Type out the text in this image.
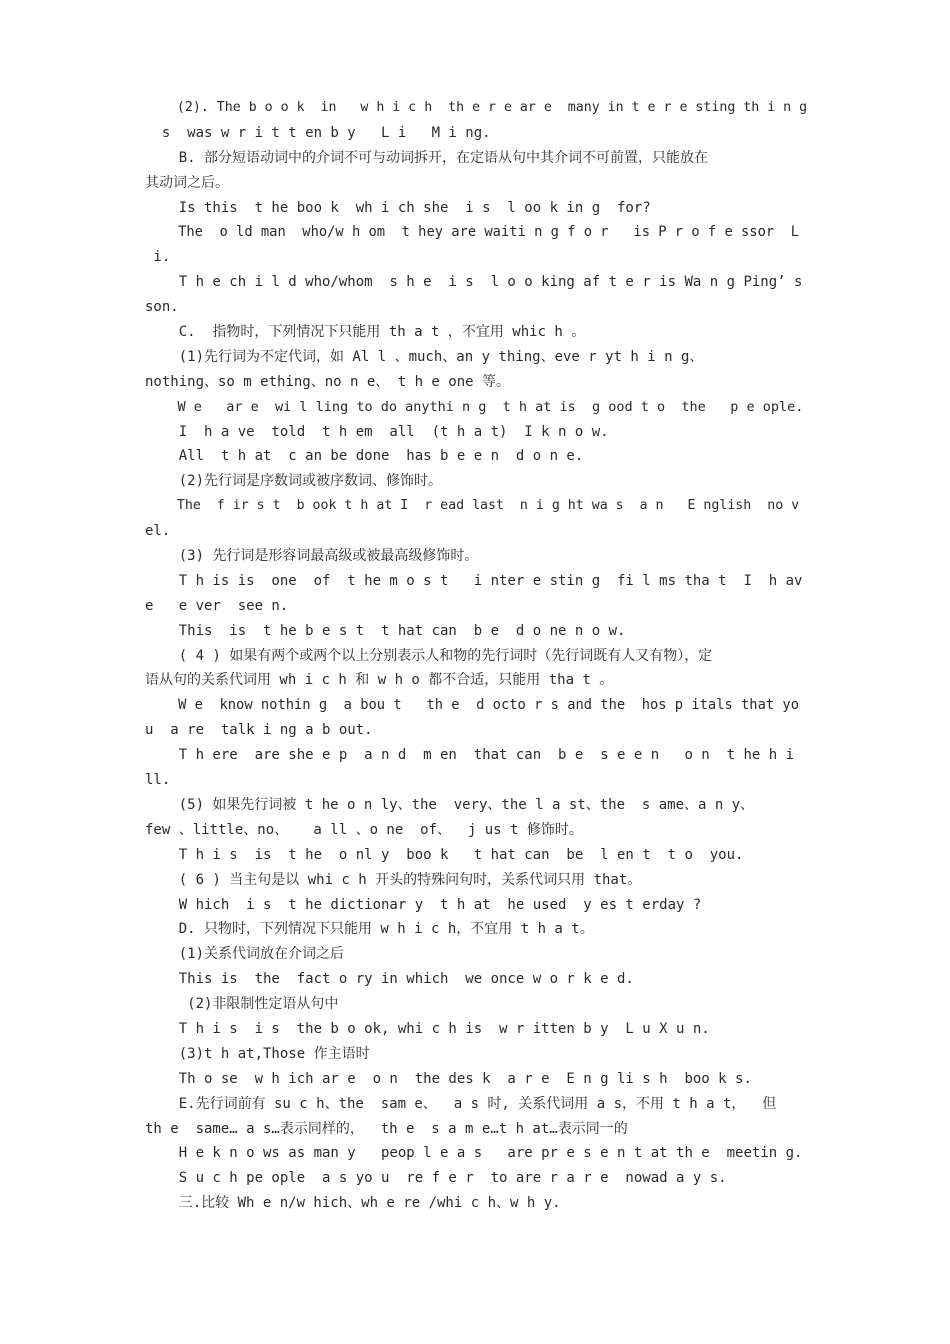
(2). The b o o k  in   w h i c h  th e r e ar e  many in t e r e sting th i n g
s  was w r i t t en b y   L i   M i ng.
B. 部分短语动词中的介词不可与动词拆开，在定语从句中其介词不可前置，只能放在
其动词之后。
Is this  t he boo k  wh i ch she  i s  l oo k in g  for?
The  o ld man  who/w h om  t hey are waiti n g f o r   is P r o f e ssor  L
i.
T h e ch i l d who/whom  s h e  i s  l o o king af t e r is Wa n g Ping’ s
son.
C.  指物时，下列情况下只能用 th a t ，不宜用 whic h 。
(1)先行词为不定代词，如 Al l 、much、an y thing、eve r yt h i n g、
nothing、so m ething、no n e、 t h e one 等。
W e   ar e  wi l ling to do anythi n g  t h at is  g ood t o  the   p e ople.
I  h a ve  told  t h em  all  (t h a t)  I k n o w.
All  t h at  c an be done  has b e e n  d o n e.
(2)先行词是序数词或被序数词、修饰时。
The  f ir s t  b ook t h at I  r ead last  n i g ht wa s  a n   E nglish  no v
el.
(3) 先行词是形容词最高级或被最高级修饰时。
T h is is  one  of  t he m o s t   i nter e stin g  fi l ms tha t  I  h av
e   e ver  see n.
This  is  t he b e s t  t hat can  b e  d o ne n o w.
( 4 ) 如果有两个或两个以上分别表示人和物的先行词时（先行词既有人又有物），定
语从句的关系代词用 wh i c h 和 w h o 都不合适，只能用 tha t 。
W e  know nothin g  a bou t   th e  d octo r s and the  hos p itals that yo
u  a re  talk i ng a b out.
T h ere  are she e p  a n d  m en  that can  b e  s e e n   o n  t he h i
ll.
(5) 如果先行词被 t he o n ly、the  very、the l a st、the  s ame、a n y、
few 、little、no、   a ll 、o ne  of、  j us t 修饰时。
T h i s  is  t he  o nl y  boo k   t hat can  be  l en t  t o  you.
( 6 ) 当主句是以 whi c h 开头的特殊问句时，关系代词只用 that。
W hich  i s  t he dictionar y  t h at  he used  y es t erday ?
D. 只物时，下列情况下只能用 w h i c h，不宜用 t h a t。
(1)关系代词放在介词之后
This is  the  fact o ry in which  we once w o r k e d.
(2)非限制性定语从句中
T h i s  i s  the b o ok, whi c h is  w r itten b y  L u X u n.
(3)t h at,Those 作主语时
Th o se  w h ich ar e  o n  the des k  a r e  E n g li s h  boo k s.
E.先行词前有 su c h、the  sam e、  a s 时, 关系代词用 a s，不用 t h a t，  但
th e  same… a s…表示同样的，  th e  s a m e…t h at…表示同一的
H e k n o ws as man y   peop l e a s   are pr e s e n t at th e  meetin g.
S u c h pe ople  a s yo u  re f e r  to are r a r e  nowad a y s.
三.比较 Wh e n/w hich、wh e re /whi c h、w h y.
